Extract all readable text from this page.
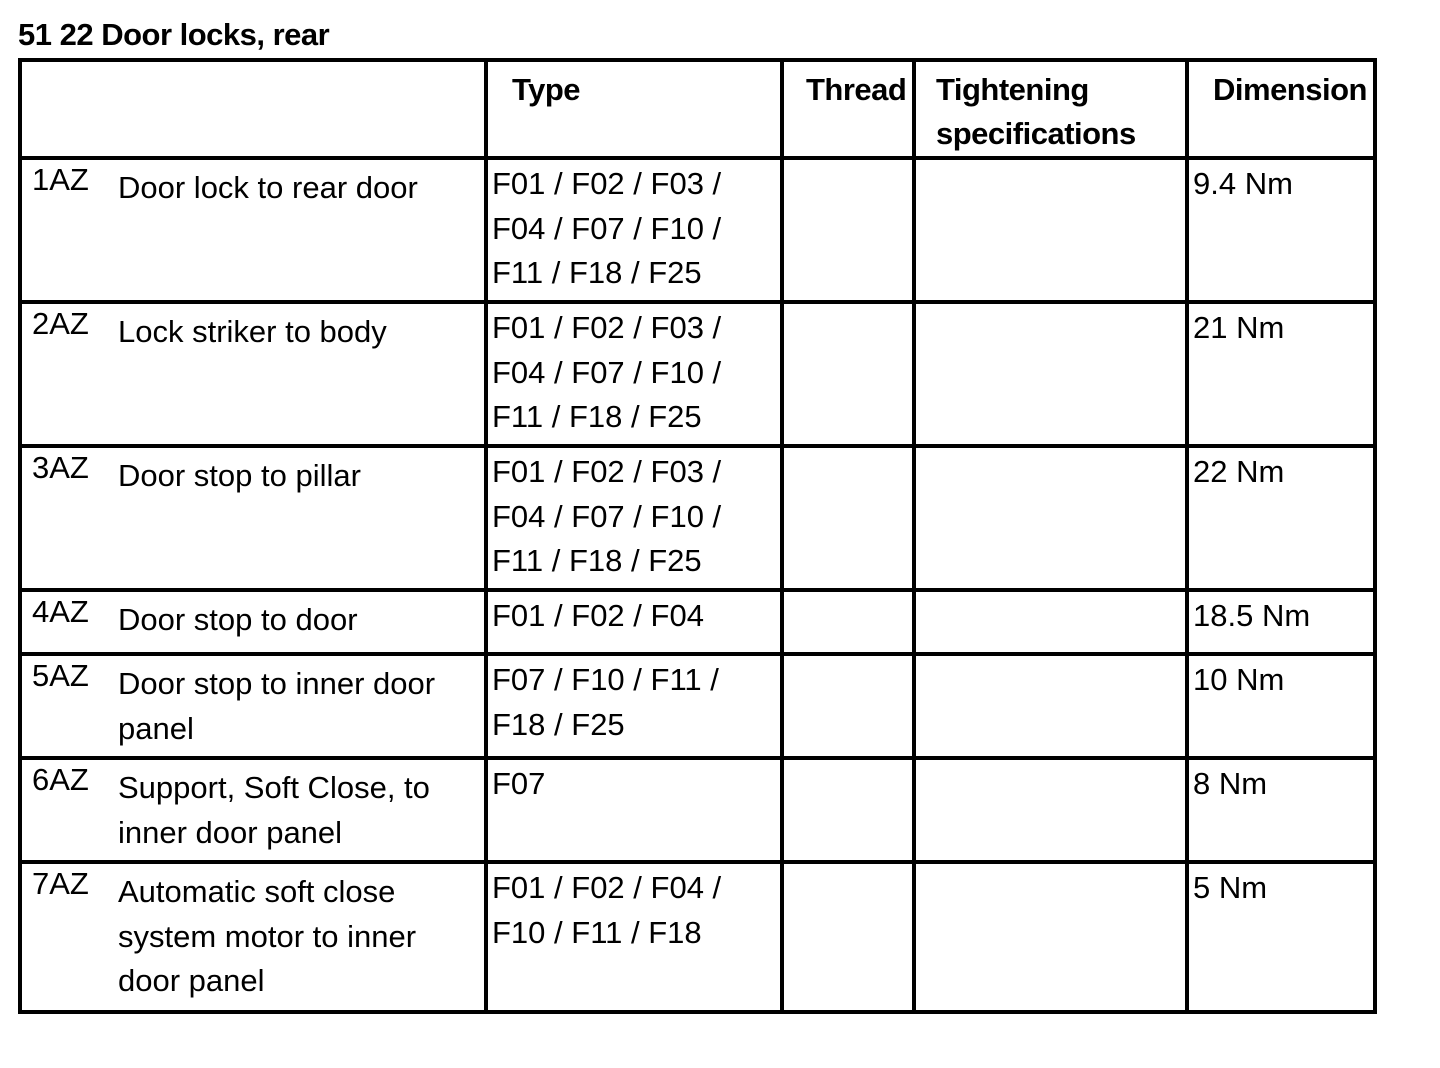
51 22 Door locks, rear

	Type	Thread	Tightening specifications	Dimension

1AZ Door lock to rear door	F01 / F02 / F03 / F04 / F07 / F10 / F11 / F18 / F25			9.4 Nm

2AZ Lock striker to body	F01 / F02 / F03 / F04 / F07 / F10 / F11 / F18 / F25			21 Nm

3AZ Door stop to pillar	F01 / F02 / F03 / F04 / F07 / F10 / F11 / F18 / F25			22 Nm

4AZ Door stop to door	F01 / F02 / F04			18.5 Nm

5AZ Door stop to inner door panel	F07 / F10 / F11 / F18 / F25			10 Nm

6AZ Support, Soft Close, to inner door panel	F07			8 Nm

7AZ Automatic soft close system motor to inner door panel	F01 / F02 / F04 / F10 / F11 / F18			5 Nm
